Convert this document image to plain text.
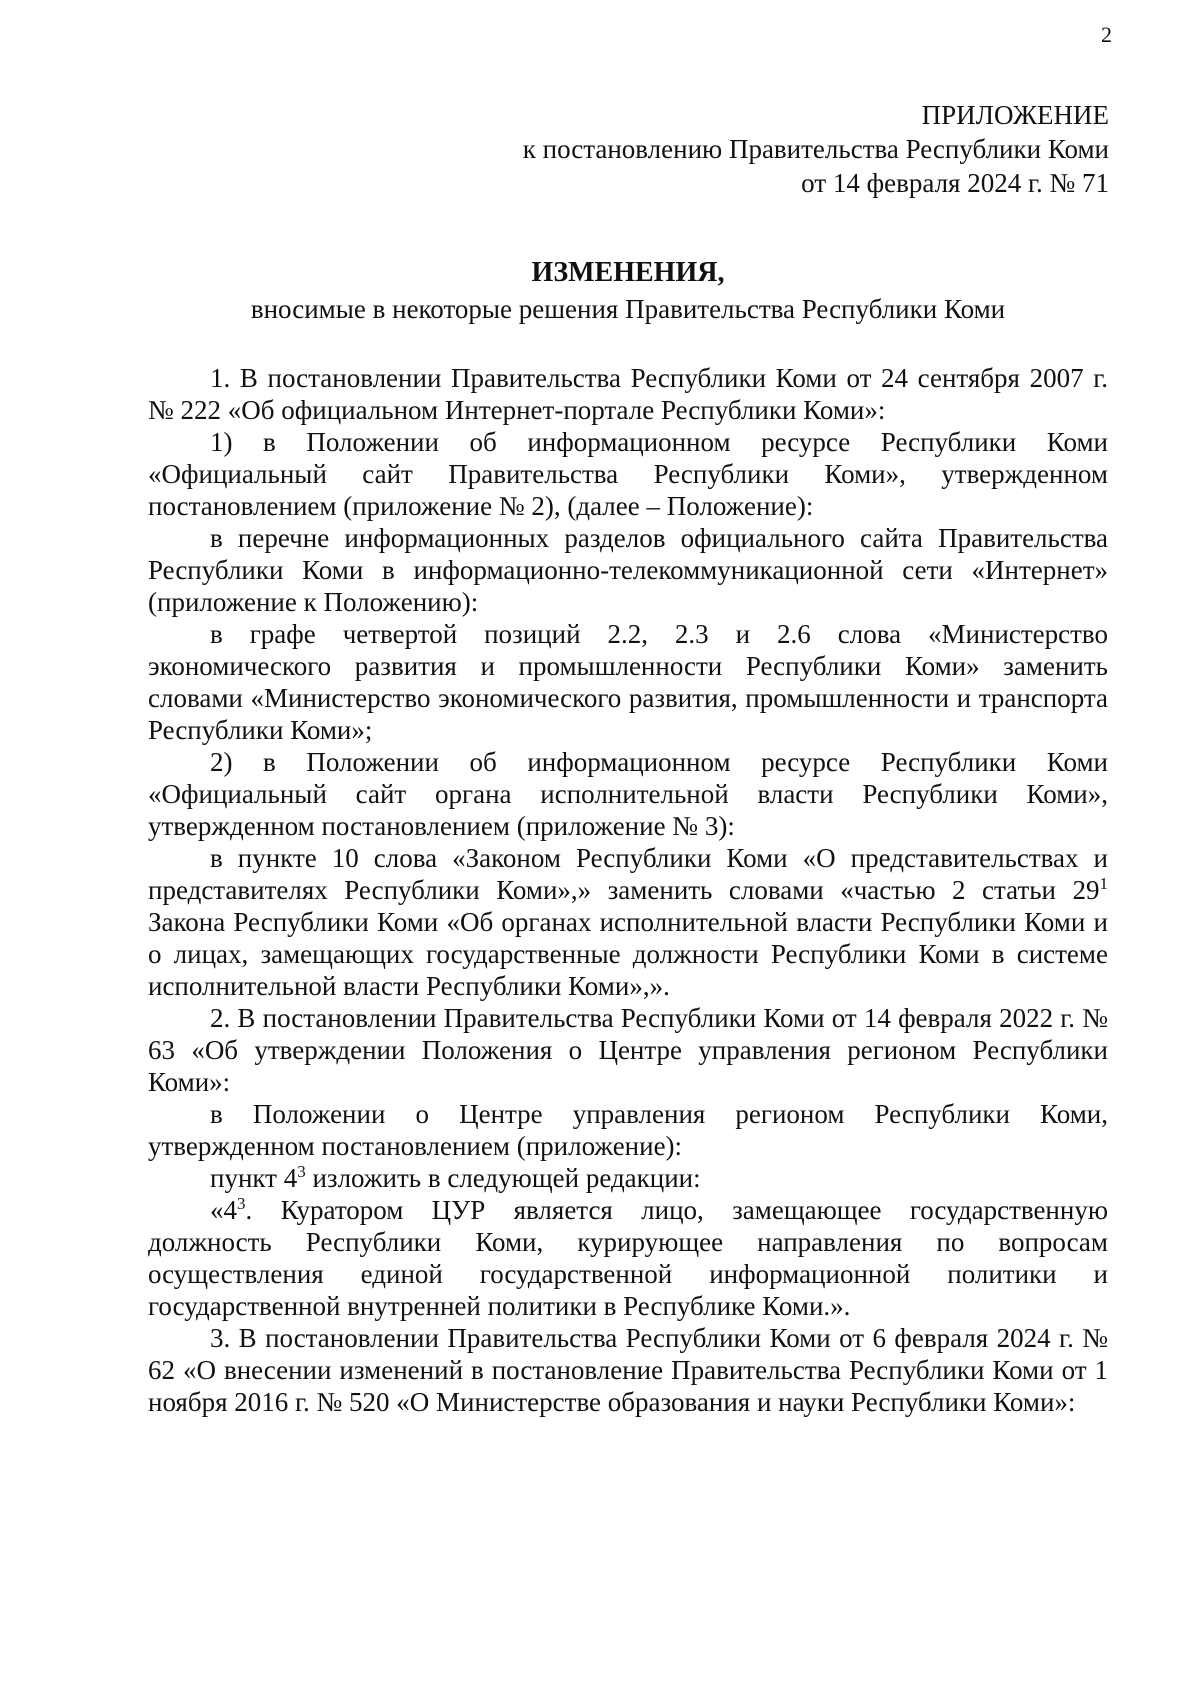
2
ПРИЛОЖЕНИЕ
к постановлению Правительства Республики Коми
от 14 февраля 2024 г. № 71
ИЗМЕНЕНИЯ,
вносимые в некоторые решения Правительства Республики Коми

1. В постановлении Правительства Республики Коми от 24 сентября 2007 г. № 222 «Об официальном Интернет-портале Республики Коми»:

1) в Положении об информационном ресурсе Республики Коми «Официальный сайт Правительства Республики Коми», утвержденном постановлением (приложение № 2), (далее – Положение):

в перечне информационных разделов официального сайта Правительства Республики Коми в информационно-телекоммуникационной сети «Интернет» (приложение к Положению):

в графе четвертой позиций 2.2, 2.3 и 2.6 слова «Министерство экономического развития и промышленности Республики Коми» заменить словами «Министерство экономического развития, промышленности и транспорта Республики Коми»;

2) в Положении об информационном ресурсе Республики Коми «Официальный сайт органа исполнительной власти Республики Коми», утвержденном постановлением (приложение № 3):

в пункте 10 слова «Законом Республики Коми «О представительствах и представителях Республики Коми»,» заменить словами «частью 2 статьи $29^1$ Закона Республики Коми «Об органах исполнительной власти Республики Коми и о лицах, замещающих государственные должности Республики Коми в системе исполнительной власти Республики Коми»,».

2. В постановлении Правительства Республики Коми от 14 февраля 2022 г. № 63 «Об утверждении Положения о Центре управления регионом Республики Коми»:

в Положении о Центре управления регионом Республики Коми, утвержденном постановлением (приложение):

пункт $4^3$ изложить в следующей редакции:

«$4^3$. Куратором ЦУР является лицо, замещающее государственную должность Республики Коми, курирующее направления по вопросам осуществления единой государственной информационной политики и государственной внутренней политики в Республике Коми.».

3. В постановлении Правительства Республики Коми от 6 февраля 2024 г. № 62 «О внесении изменений в постановление Правительства Республики Коми от 1 ноября 2016 г. № 520 «О Министерстве образования и науки Республики Коми»:
